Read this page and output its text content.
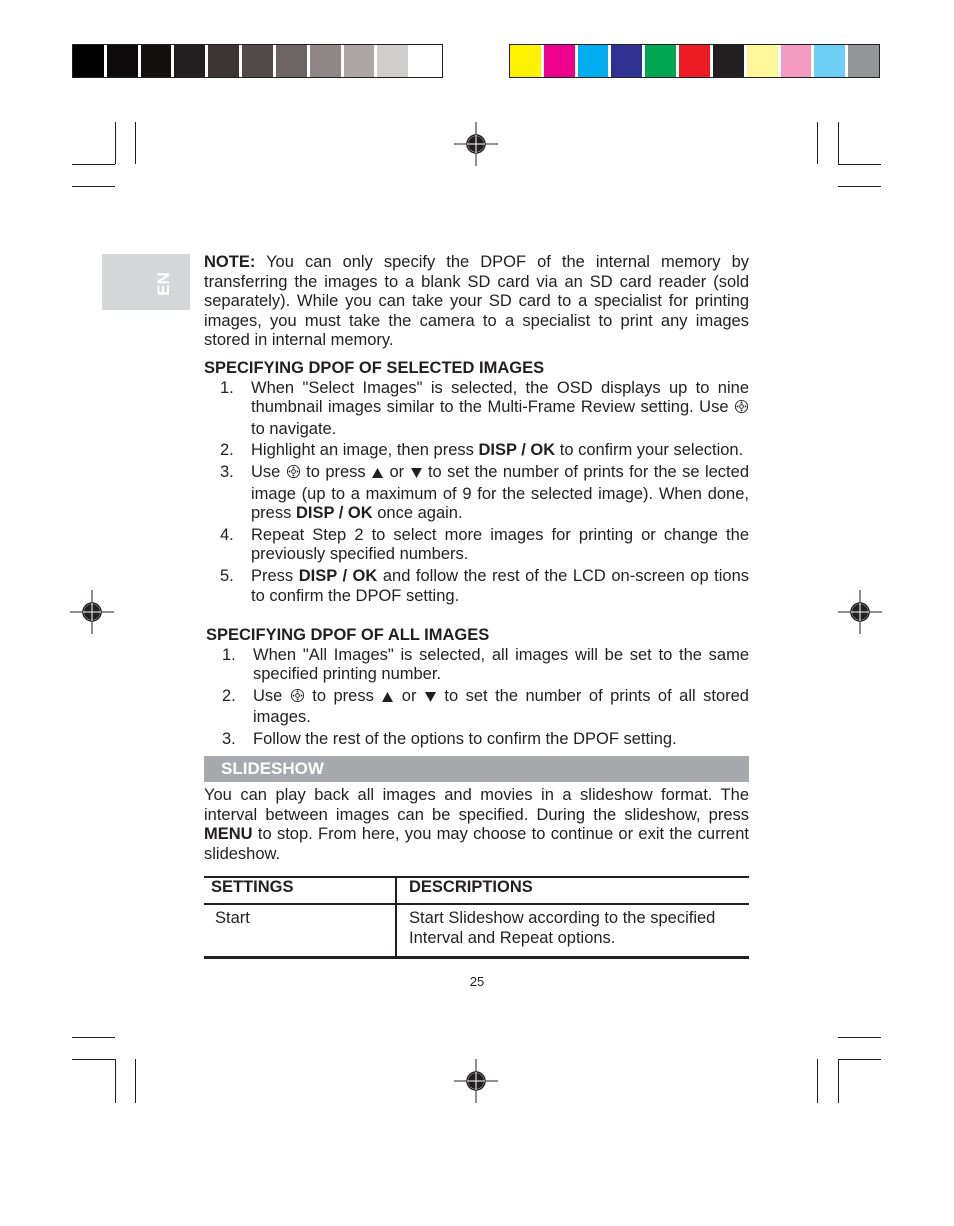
EN
NOTE: You can only specify the DPOF of the internal memory by transferring the images to a blank SD card via an SD card reader (sold separately). While you can take your SD card to a specialist for printing images, you must take the camera to a specialist to print any images stored in internal memory.
SPECIFYING DPOF OF SELECTED IMAGES
1. When "Select Images" is selected, the OSD displays up to nine thumbnail images similar to the Multi-Frame Review setting. Use  to navigate.
2. Highlight an image, then press DISP / OK to confirm your selection.
3. Use  to press  or  to set the number of prints for the se lected image (up to a maximum of 9 for the selected image). When done, press DISP / OK once again.
4. Repeat Step 2 to select more images for printing or change the previously specified numbers.
5. Press DISP / OK and follow the rest of the LCD on-screen op tions to confirm the DPOF setting.
SPECIFYING DPOF OF ALL IMAGES
1. When "All Images" is selected, all images will be set to the same specified printing number.
2. Use  to press  or  to set the number of prints of all stored images.
3. Follow the rest of the options to confirm the DPOF setting.
SLIDESHOW
You can play back all images and movies in a slideshow format. The interval between images can be specified. During the slideshow, press MENU to stop. From here, you may choose to continue or exit the current slideshow.
SETTINGS	DESCRIPTIONS
Start	Start Slideshow according to the specified Interval and Repeat options.
25
